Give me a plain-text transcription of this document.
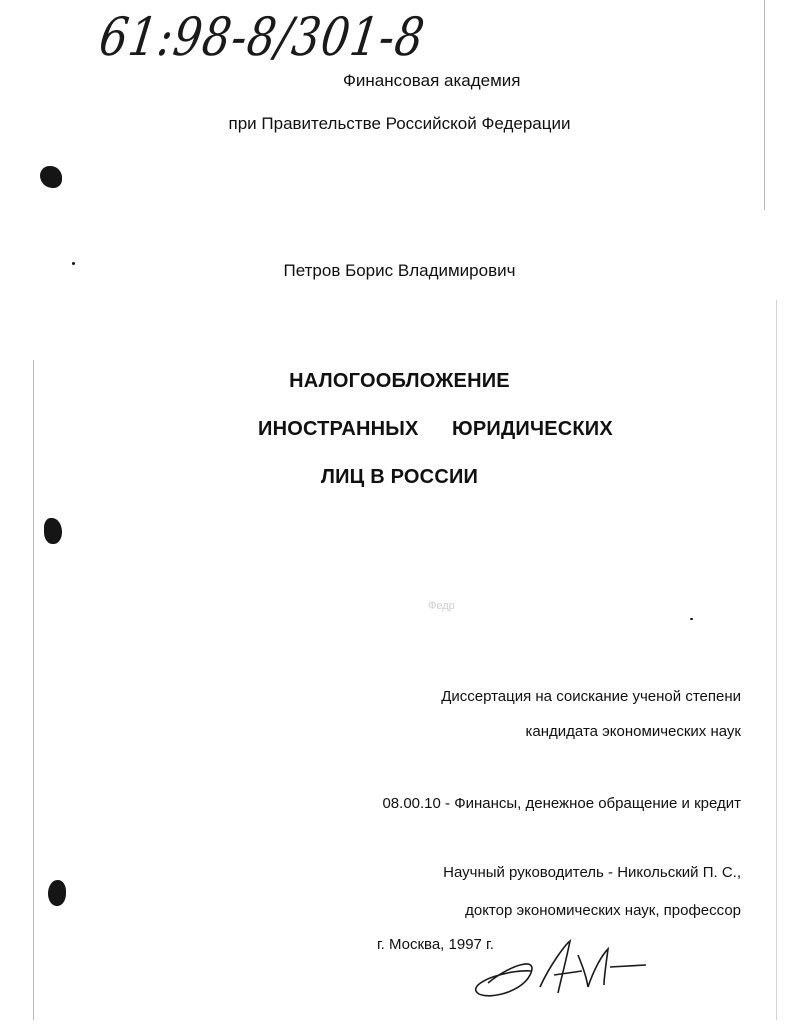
61:98-8/301-8
Финансовая академия
при Правительстве Российской Федерации
Петров Борис Владимирович
НАЛОГООБЛОЖЕНИЕ
ИНОСТРАННЫХ ЮРИДИЧЕСКИХ
ЛИЦ В РОССИИ
Федр
Диссертация на соискание ученой степени
кандидата экономических наук
08.00.10 - Финансы, денежное обращение и кредит
Научный руководитель - Никольский П. С.,
доктор экономических наук, профессор
г. Москва, 1997 г.
